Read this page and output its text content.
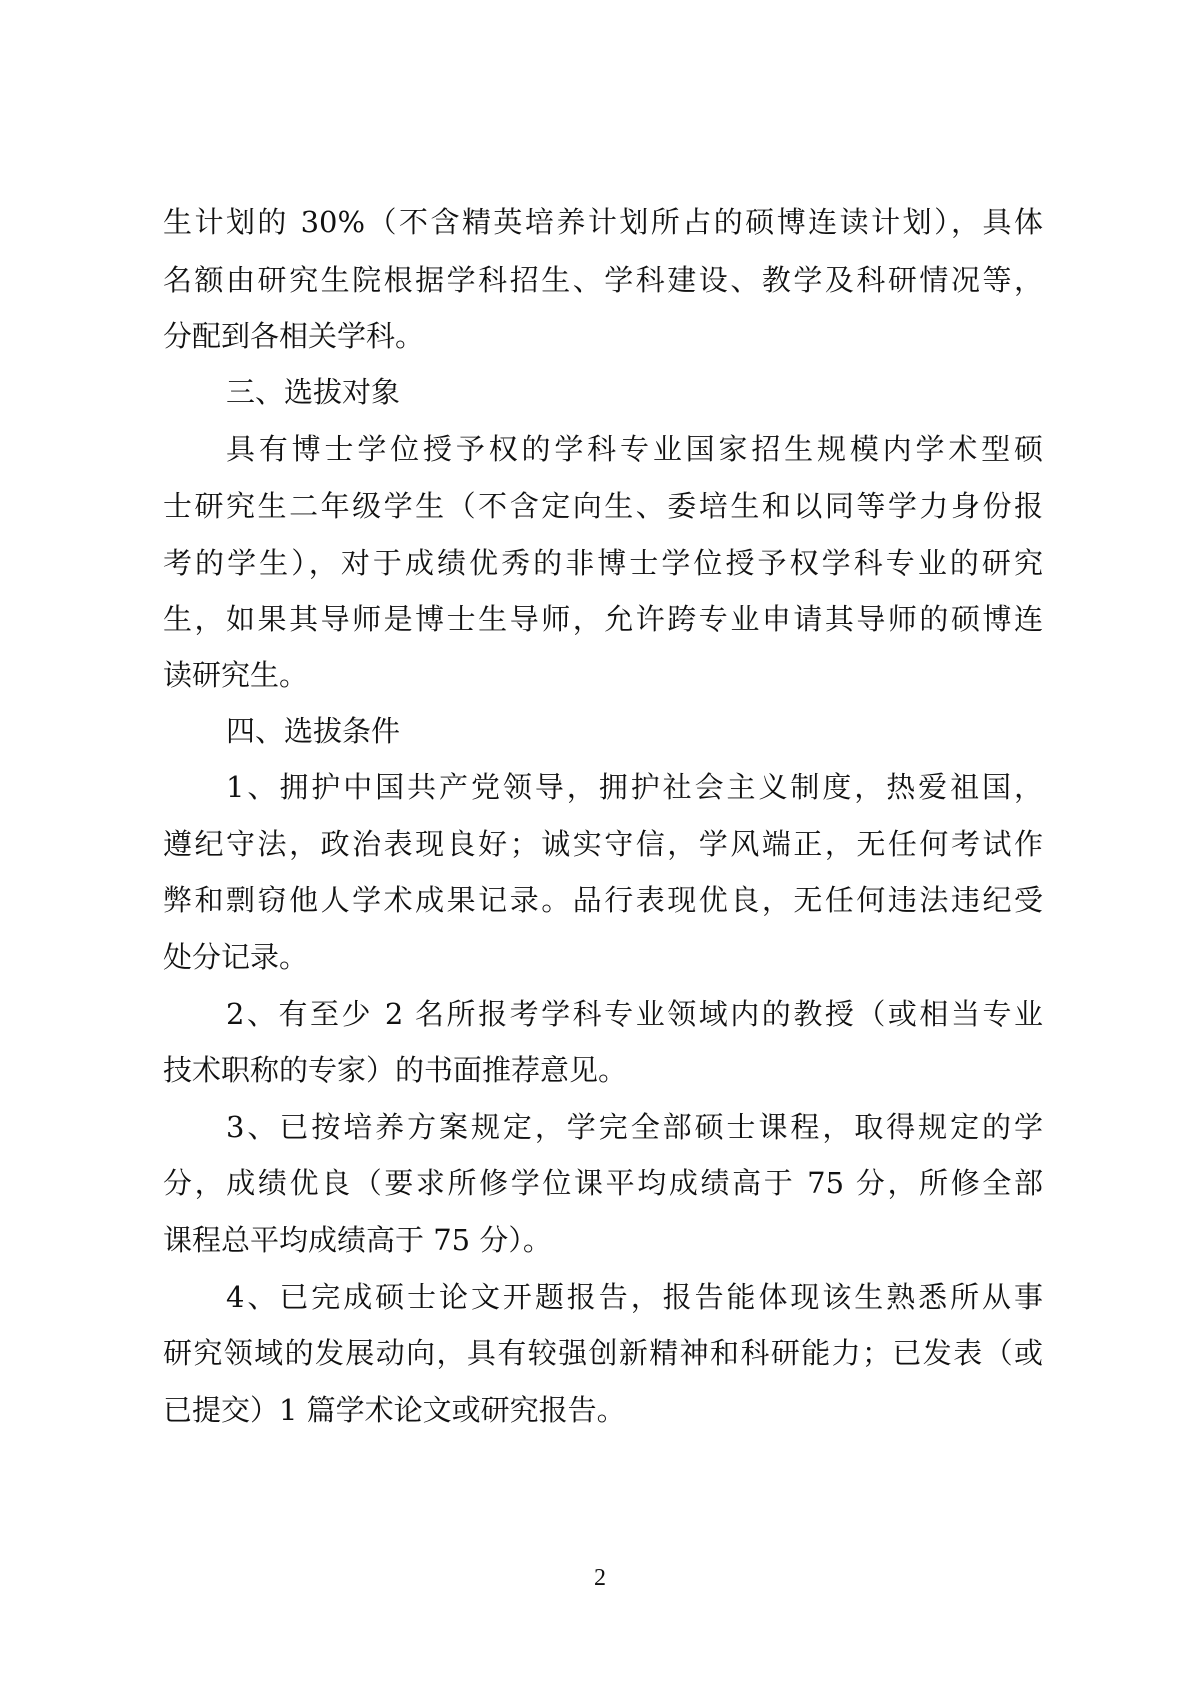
生计划的 30%（不含精英培养计划所占的硕博连读计划），具体
名额由研究生院根据学科招生、学科建设、教学及科研情况等，
分配到各相关学科。
三、选拔对象
具有博士学位授予权的学科专业国家招生规模内学术型硕
士研究生二年级学生（不含定向生、委培生和以同等学力身份报
考的学生），对于成绩优秀的非博士学位授予权学科专业的研究
生，如果其导师是博士生导师，允许跨专业申请其导师的硕博连
读研究生。
四、选拔条件
1、拥护中国共产党领导，拥护社会主义制度，热爱祖国，
遵纪守法，政治表现良好；诚实守信，学风端正，无任何考试作
弊和剽窃他人学术成果记录。品行表现优良，无任何违法违纪受
处分记录。
2、有至少 2 名所报考学科专业领域内的教授（或相当专业
技术职称的专家）的书面推荐意见。
3、已按培养方案规定，学完全部硕士课程，取得规定的学
分，成绩优良（要求所修学位课平均成绩高于 75 分，所修全部
课程总平均成绩高于 75 分）。
4、已完成硕士论文开题报告，报告能体现该生熟悉所从事
研究领域的发展动向，具有较强创新精神和科研能力；已发表（或
已提交）1 篇学术论文或研究报告。
2
